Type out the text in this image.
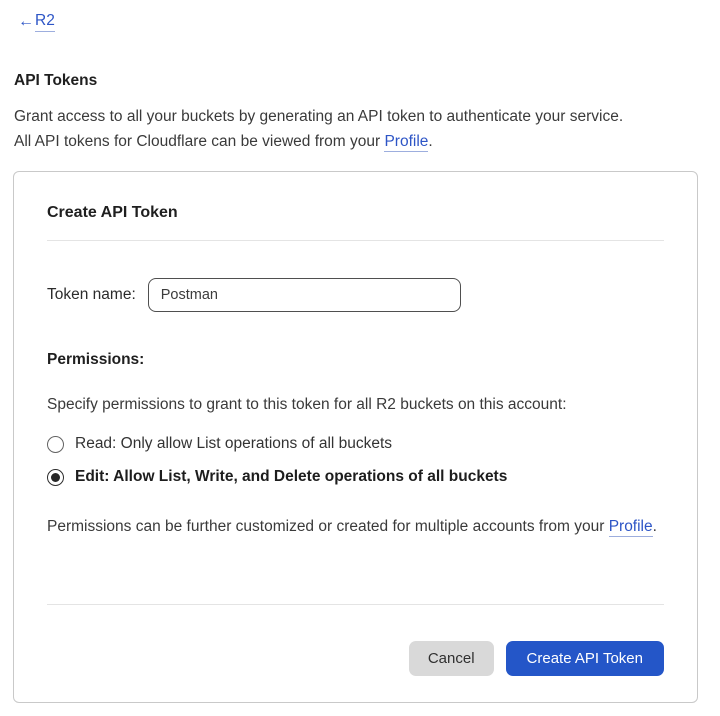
← R2
API Tokens

Grant access to all your buckets by generating an API token to authenticate your service.
All API tokens for Cloudflare can be viewed from your Profile.

Create API Token
Token name:
Postman
Permissions:

Specify permissions to grant to this token for all R2 buckets on this account:

Read: Only allow List operations of all buckets
Edit: Allow List, Write, and Delete operations of all buckets

Permissions can be further customized or created for multiple accounts from your Profile.

Cancel	Create API Token
